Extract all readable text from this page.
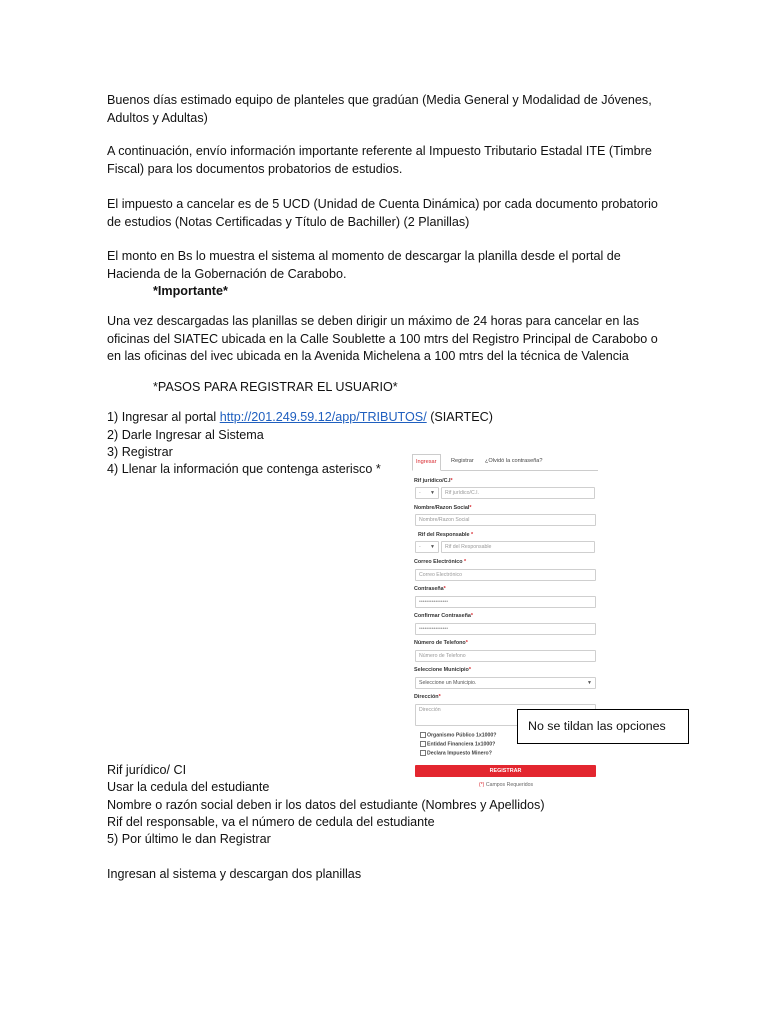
Buenos días estimado equipo de planteles que gradúan (Media General y Modalidad de Jóvenes, Adultos y Adultas)

A continuación, envío información importante referente al Impuesto Tributario Estadal ITE (Timbre Fiscal) para los documentos probatorios de estudios.

El impuesto a cancelar es de 5 UCD (Unidad de Cuenta Dinámica) por cada documento probatorio de estudios (Notas Certificadas y Título de Bachiller) (2 Planillas)

El monto en Bs lo muestra el sistema al momento de descargar la planilla desde el portal de Hacienda de la Gobernación de Carabobo.

*Importante*

Una vez descargadas las planillas se deben dirigir un máximo de 24 horas para cancelar en las oficinas del SIATEC ubicada en la Calle Soublette a 100 mtrs del Registro Principal de Carabobo o en las oficinas del ivec ubicada en la Avenida Michelena a 100 mtrs del la técnica de Valencia

*PASOS PARA REGISTRAR EL USUARIO*

1) Ingresar al portal http://201.249.59.12/app/TRIBUTOS/ (SIARTEC)

2) Darle Ingresar al Sistema

3) Registrar

4) Llenar la información que contenga asterisco *

Rif jurídico/ CI

Usar la cedula del estudiante

Nombre o razón social deben ir los datos del estudiante (Nombres y Apellidos)

Rif del responsable, va el número de cedula del estudiante

5) Por último le dan Registrar

Ingresan al sistema y descargan dos planillas

Ingresar	Registrar	¿Olvidó la contraseña?
Rif jurídico/C.I*
- ▼	Rif jurídico/C.I.
Nombre/Razon Social*
Nombre/Razon Social
Rif del Responsable *
- ▼	Rif del Responsable
Correo Electrónico *
Correo Electrónico
Contraseña*
••••••••••••••••
Confirmar Contraseña*
••••••••••••••••
Número de Telefono*
Número de Telefono
Seleccione Municipio*
Seleccione un Municipio.	▼
Dirección*
Dirección
Organismo Público 1x1000?
Entidad Financiera 1x1000?
Declara Impuesto Minero?
REGISTRAR
(*) Campos Requeridos
No se tildan las opciones
